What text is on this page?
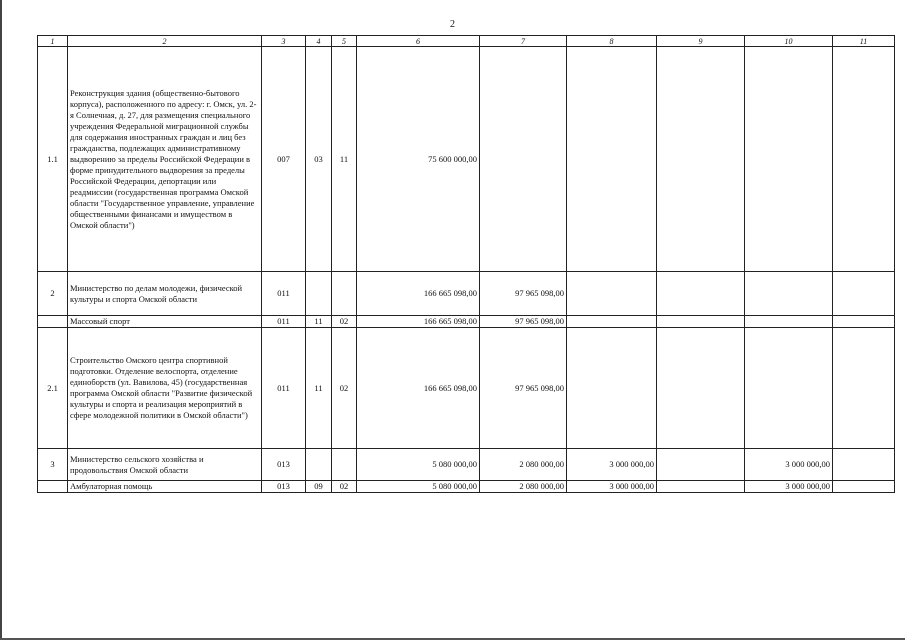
2
1	2	3	4	5	6	7	8	9	10	11
1.1	Реконструкция здания (общественно-бытового корпуса), расположенного по адресу: г. Омск, ул. 2-я Солнечная, д. 27, для размещения специального учреждения Федеральной миграционной службы для содержания иностранных граждан и лиц без гражданства, подлежащих административному выдворению за пределы Российской Федерации в форме принудительного выдворения за пределы Российской Федерации, депортации или реадмиссии (государственная программа Омской области "Государственное управление, управление общественными финансами и имуществом в Омской области")	007	03	11	75 600 000,00					
2	Министерство по делам молодежи, физической культуры и спорта Омской области	011			166 665 098,00	97 965 098,00				
	Массовый спорт	011	11	02	166 665 098,00	97 965 098,00				
2.1	Строительство Омского центра спортивной подготовки. Отделение велоспорта, отделение единоборств (ул. Вавилова, 45) (государственная программа Омской области "Развитие физической культуры и спорта и реализация мероприятий в сфере молодежной политики в Омской области")	011	11	02	166 665 098,00	97 965 098,00				
3	Министерство сельского хозяйства и продовольствия Омской области	013			5 080 000,00	2 080 000,00	3 000 000,00		3 000 000,00	
	Амбулаторная помощь	013	09	02	5 080 000,00	2 080 000,00	3 000 000,00		3 000 000,00	
